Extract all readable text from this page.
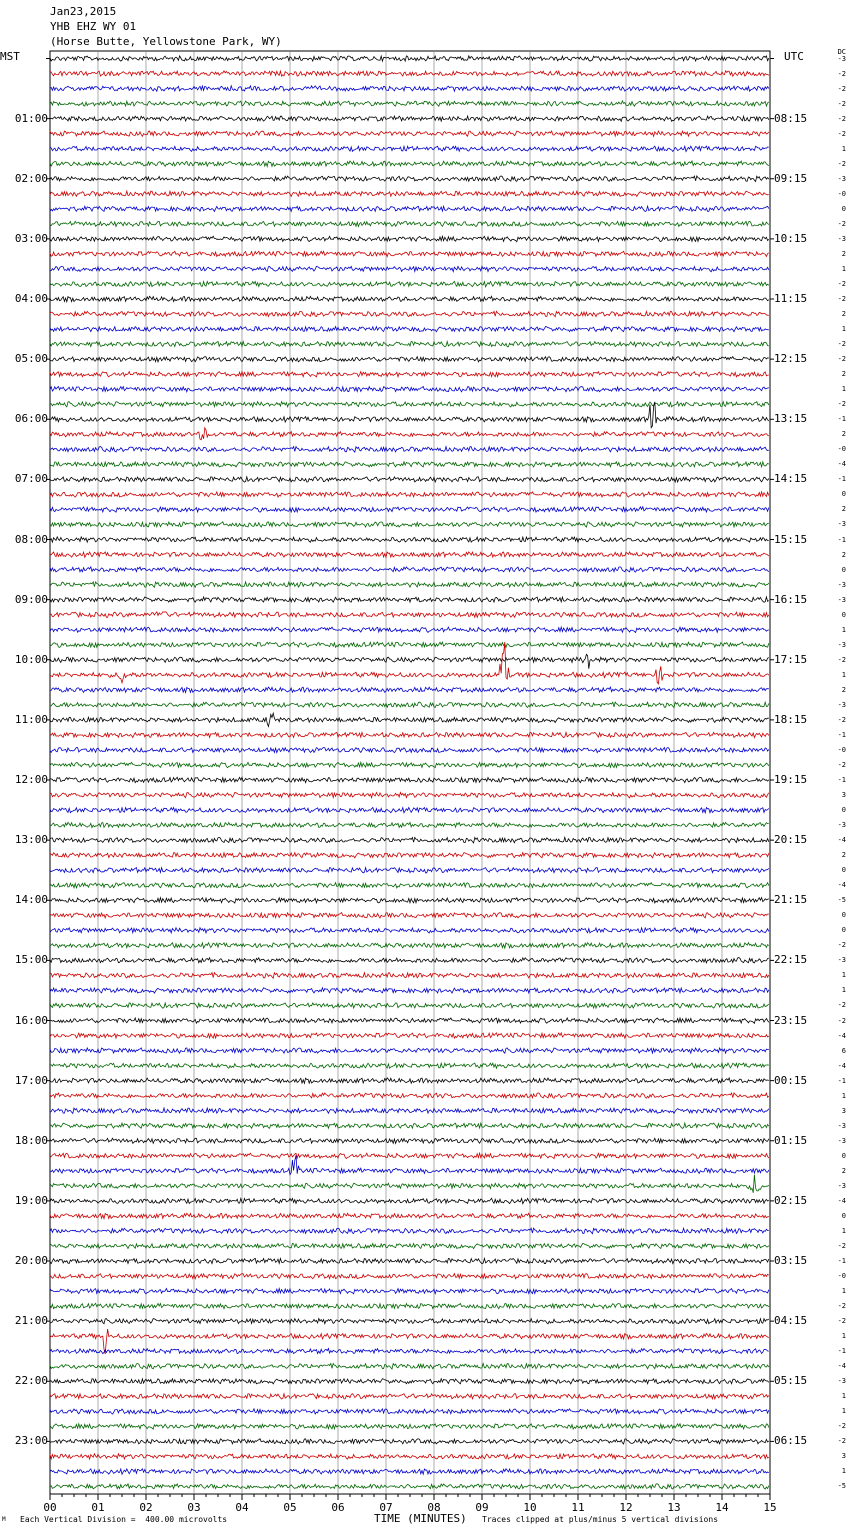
Jan23,2015
YHB EHZ WY 01
(Horse Butte, Yellowstone Park, WY)
MST	UTC	DC
01:00
02:00
03:00
04:00
05:00
06:00
07:00
08:00
09:00
10:00
11:00
12:00
13:00
14:00
15:00
16:00
17:00
18:00
19:00
20:00
21:00
22:00
23:00
08:15
09:15
10:15
11:15
12:15
13:15
14:15
15:15
16:15
17:15
18:15
19:15
20:15
21:15
22:15
23:15
00:15
01:15
02:15
03:15
04:15
05:15
06:15
-3
-2
-2
-2
-2
-2
1
-2
-3
-0
0
-2
-3
2
1
-2
-2
2
1
-2
-2
2
1
-2
-1
2
-0
-4
-1
0
2
-3
-1
2
0
-3
-3
0
1
-3
-2
1
2
-3
-2
-1
-0
-2
-1
3
0
-3
-4
2
0
-4
-5
0
0
-2
-3
1
1
-2
-2
-4
6
-4
-1
1
3
-3
-3
0
2
-3
-4
0
1
-2
-1
-0
1
-2
-2
1
-1
-4
-3
1
1
-2
-2
3
1
-5
00	01	02	03	04	05	06	07	08	09	10	11	12	13	14	15
M Each Vertical Division =  400.00 microvolts	TIME (MINUTES) Traces clipped at plus/minus 5 vertical divisions
